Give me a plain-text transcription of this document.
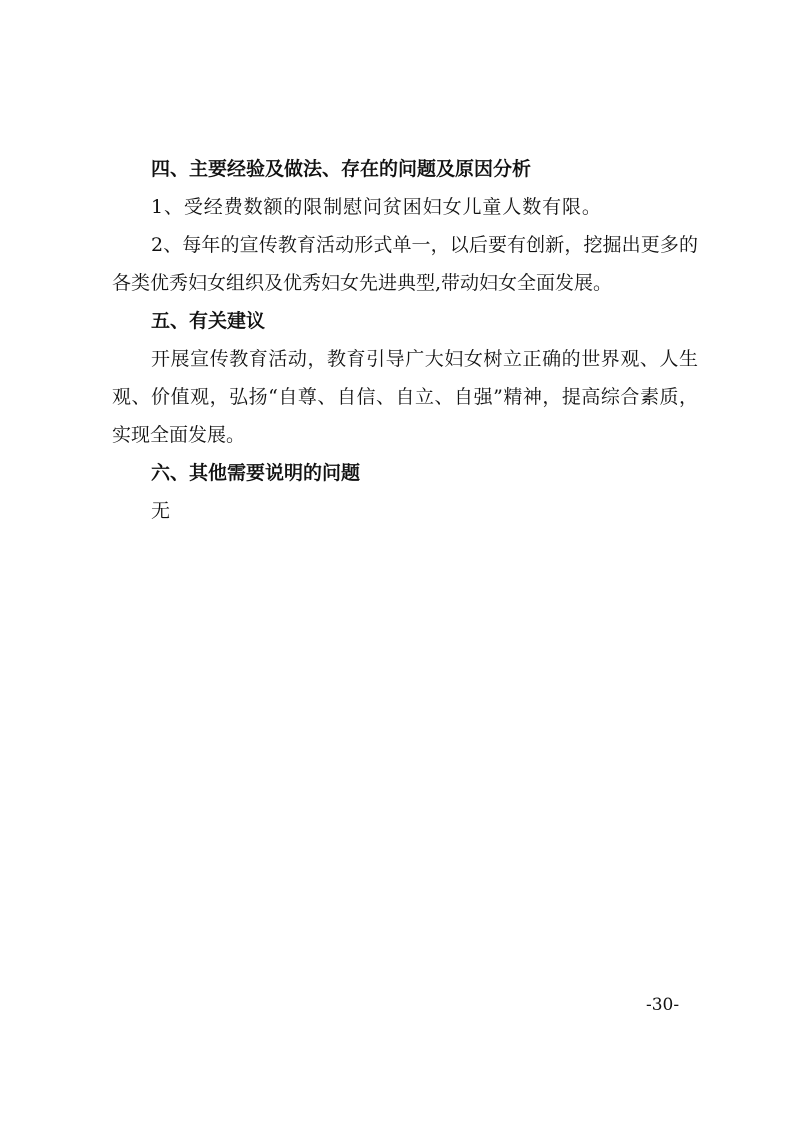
四、主要经验及做法、存在的问题及原因分析

1、受经费数额的限制慰问贫困妇女儿童人数有限。

2、每年的宣传教育活动形式单一，以后要有创新，挖掘出更多的各类优秀妇女组织及优秀妇女先进典型,带动妇女全面发展。

五、有关建议

开展宣传教育活动，教育引导广大妇女树立正确的世界观、人生观、价值观，弘扬“自尊、自信、自立、自强”精神，提高综合素质，实现全面发展。

六、其他需要说明的问题

无

-30-
